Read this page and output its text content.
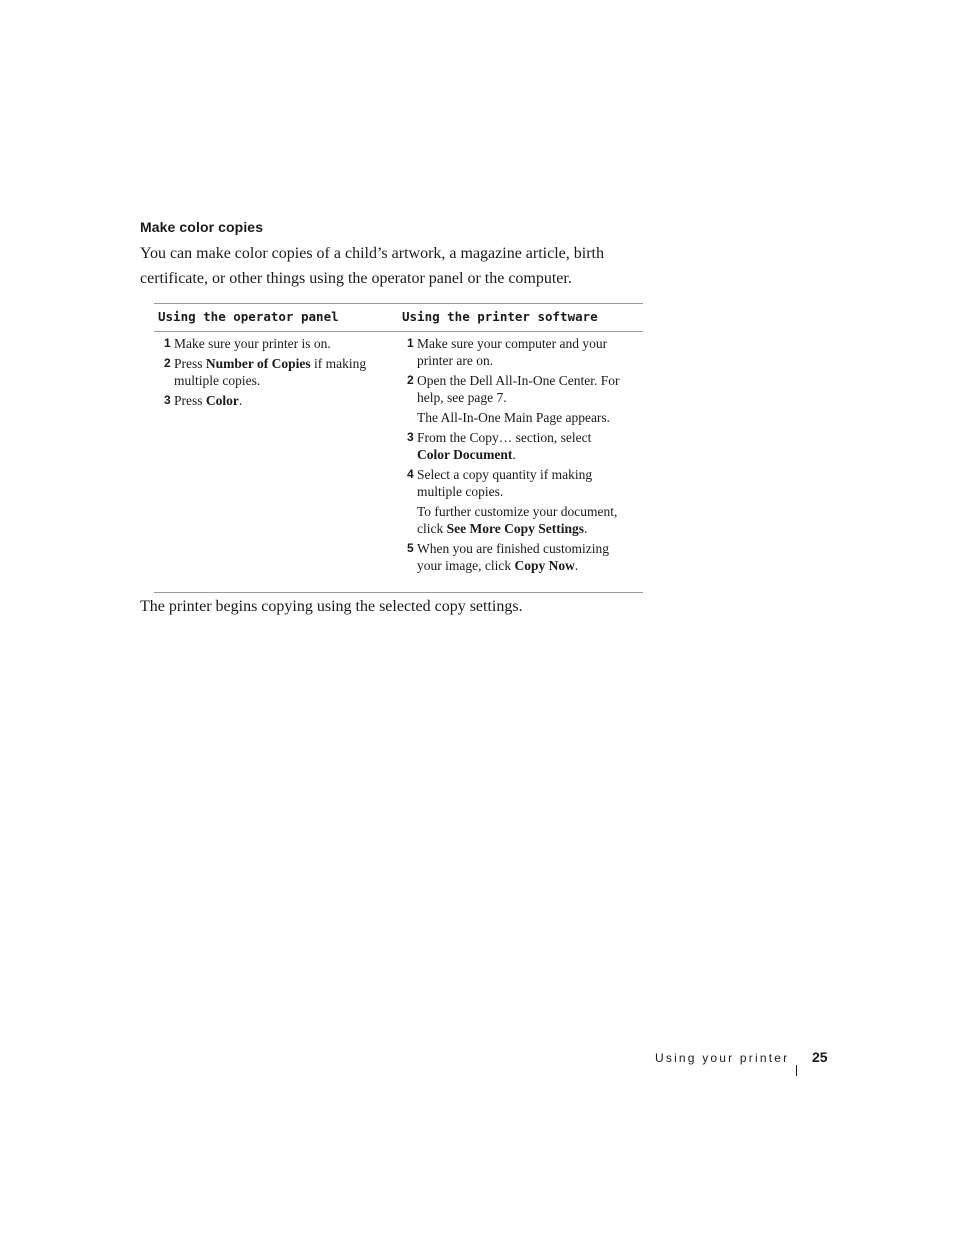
Make color copies
You can make color copies of a child’s artwork, a magazine article, birth
certificate, or other things using the operator panel or the computer.
Using the operator panel	Using the printer software
1 Make sure your printer is on.
2 Press Number of Copies if making
multiple copies.
3 Press Color.
1 Make sure your computer and your
printer are on.
2 Open the Dell All-In-One Center. For
help, see page 7.
The All-In-One Main Page appears.
3 From the Copy… section, select
Color Document.
4 Select a copy quantity if making
multiple copies.
To further customize your document,
click See More Copy Settings.
5 When you are finished customizing
your image, click Copy Now.
The printer begins copying using the selected copy settings.
Using your printer 25
